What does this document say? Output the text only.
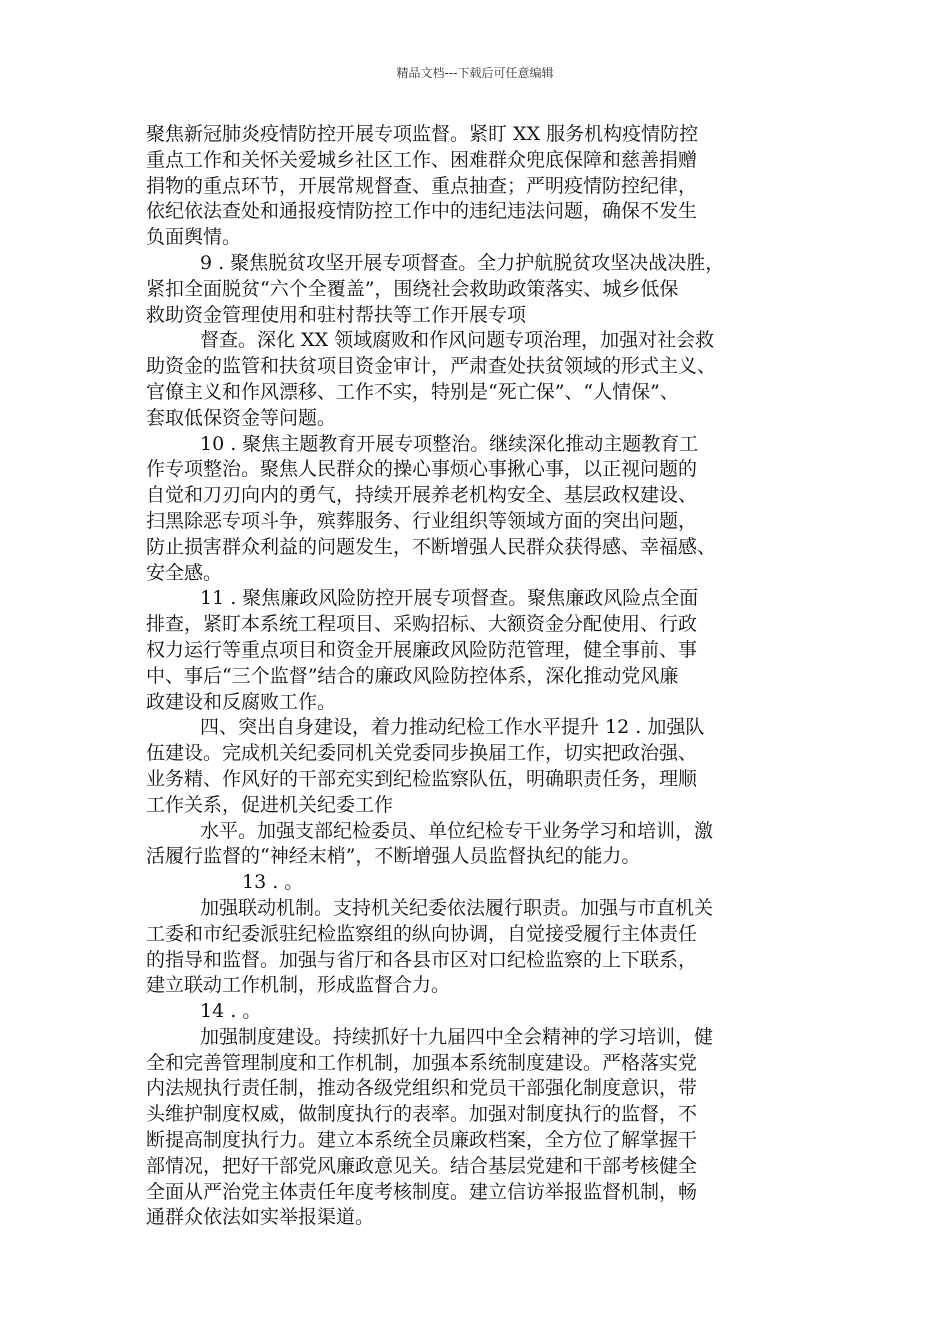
精品文档---下载后可任意编辑
聚焦新冠肺炎疫情防控开展专项监督。紧盯 XX 服务机构疫情防控
重点工作和关怀关爱城乡社区工作、困难群众兜底保障和慈善捐赠
捐物的重点环节，开展常规督查、重点抽查；严明疫情防控纪律，
依纪依法查处和通报疫情防控工作中的违纪违法问题，确保不发生
负面舆情。
9 . 聚焦脱贫攻坚开展专项督查。全力护航脱贫攻坚决战决胜，
紧扣全面脱贫“六个全覆盖”，围绕社会救助政策落实、城乡低保
救助资金管理使用和驻村帮扶等工作开展专项
督查。深化 XX 领域腐败和作风问题专项治理，加强对社会救
助资金的监管和扶贫项目资金审计，严肃查处扶贫领域的形式主义、
官僚主义和作风漂移、工作不实，特别是“死亡保”、“人情保”、
套取低保资金等问题。
10 . 聚焦主题教育开展专项整治。继续深化推动主题教育工
作专项整治。聚焦人民群众的操心事烦心事揪心事，以正视问题的
自觉和刀刃向内的勇气，持续开展养老机构安全、基层政权建设、
扫黑除恶专项斗争，殡葬服务、行业组织等领域方面的突出问题，
防止损害群众利益的问题发生，不断增强人民群众获得感、幸福感、
安全感。
11 . 聚焦廉政风险防控开展专项督查。聚焦廉政风险点全面
排查，紧盯本系统工程项目、采购招标、大额资金分配使用、行政
权力运行等重点项目和资金开展廉政风险防范管理，健全事前、事
中、事后“三个监督”结合的廉政风险防控体系，深化推动党风廉
政建设和反腐败工作。
四、突出自身建设，着力推动纪检工作水平提升 12 . 加强队
伍建设。完成机关纪委同机关党委同步换届工作，切实把政治强、
业务精、作风好的干部充实到纪检监察队伍，明确职责任务，理顺
工作关系，促进机关纪委工作
水平。加强支部纪检委员、单位纪检专干业务学习和培训，激
活履行监督的“神经末梢”，不断增强人员监督执纪的能力。
13 . 。
加强联动机制。支持机关纪委依法履行职责。加强与市直机关
工委和市纪委派驻纪检监察组的纵向协调，自觉接受履行主体责任
的指导和监督。加强与省厅和各县市区对口纪检监察的上下联系，
建立联动工作机制，形成监督合力。
14 . 。
加强制度建设。持续抓好十九届四中全会精神的学习培训，健
全和完善管理制度和工作机制，加强本系统制度建设。严格落实党
内法规执行责任制，推动各级党组织和党员干部强化制度意识，带
头维护制度权威，做制度执行的表率。加强对制度执行的监督，不
断提高制度执行力。建立本系统全员廉政档案，全方位了解掌握干
部情况，把好干部党风廉政意见关。结合基层党建和干部考核健全
全面从严治党主体责任年度考核制度。建立信访举报监督机制，畅
通群众依法如实举报渠道。
